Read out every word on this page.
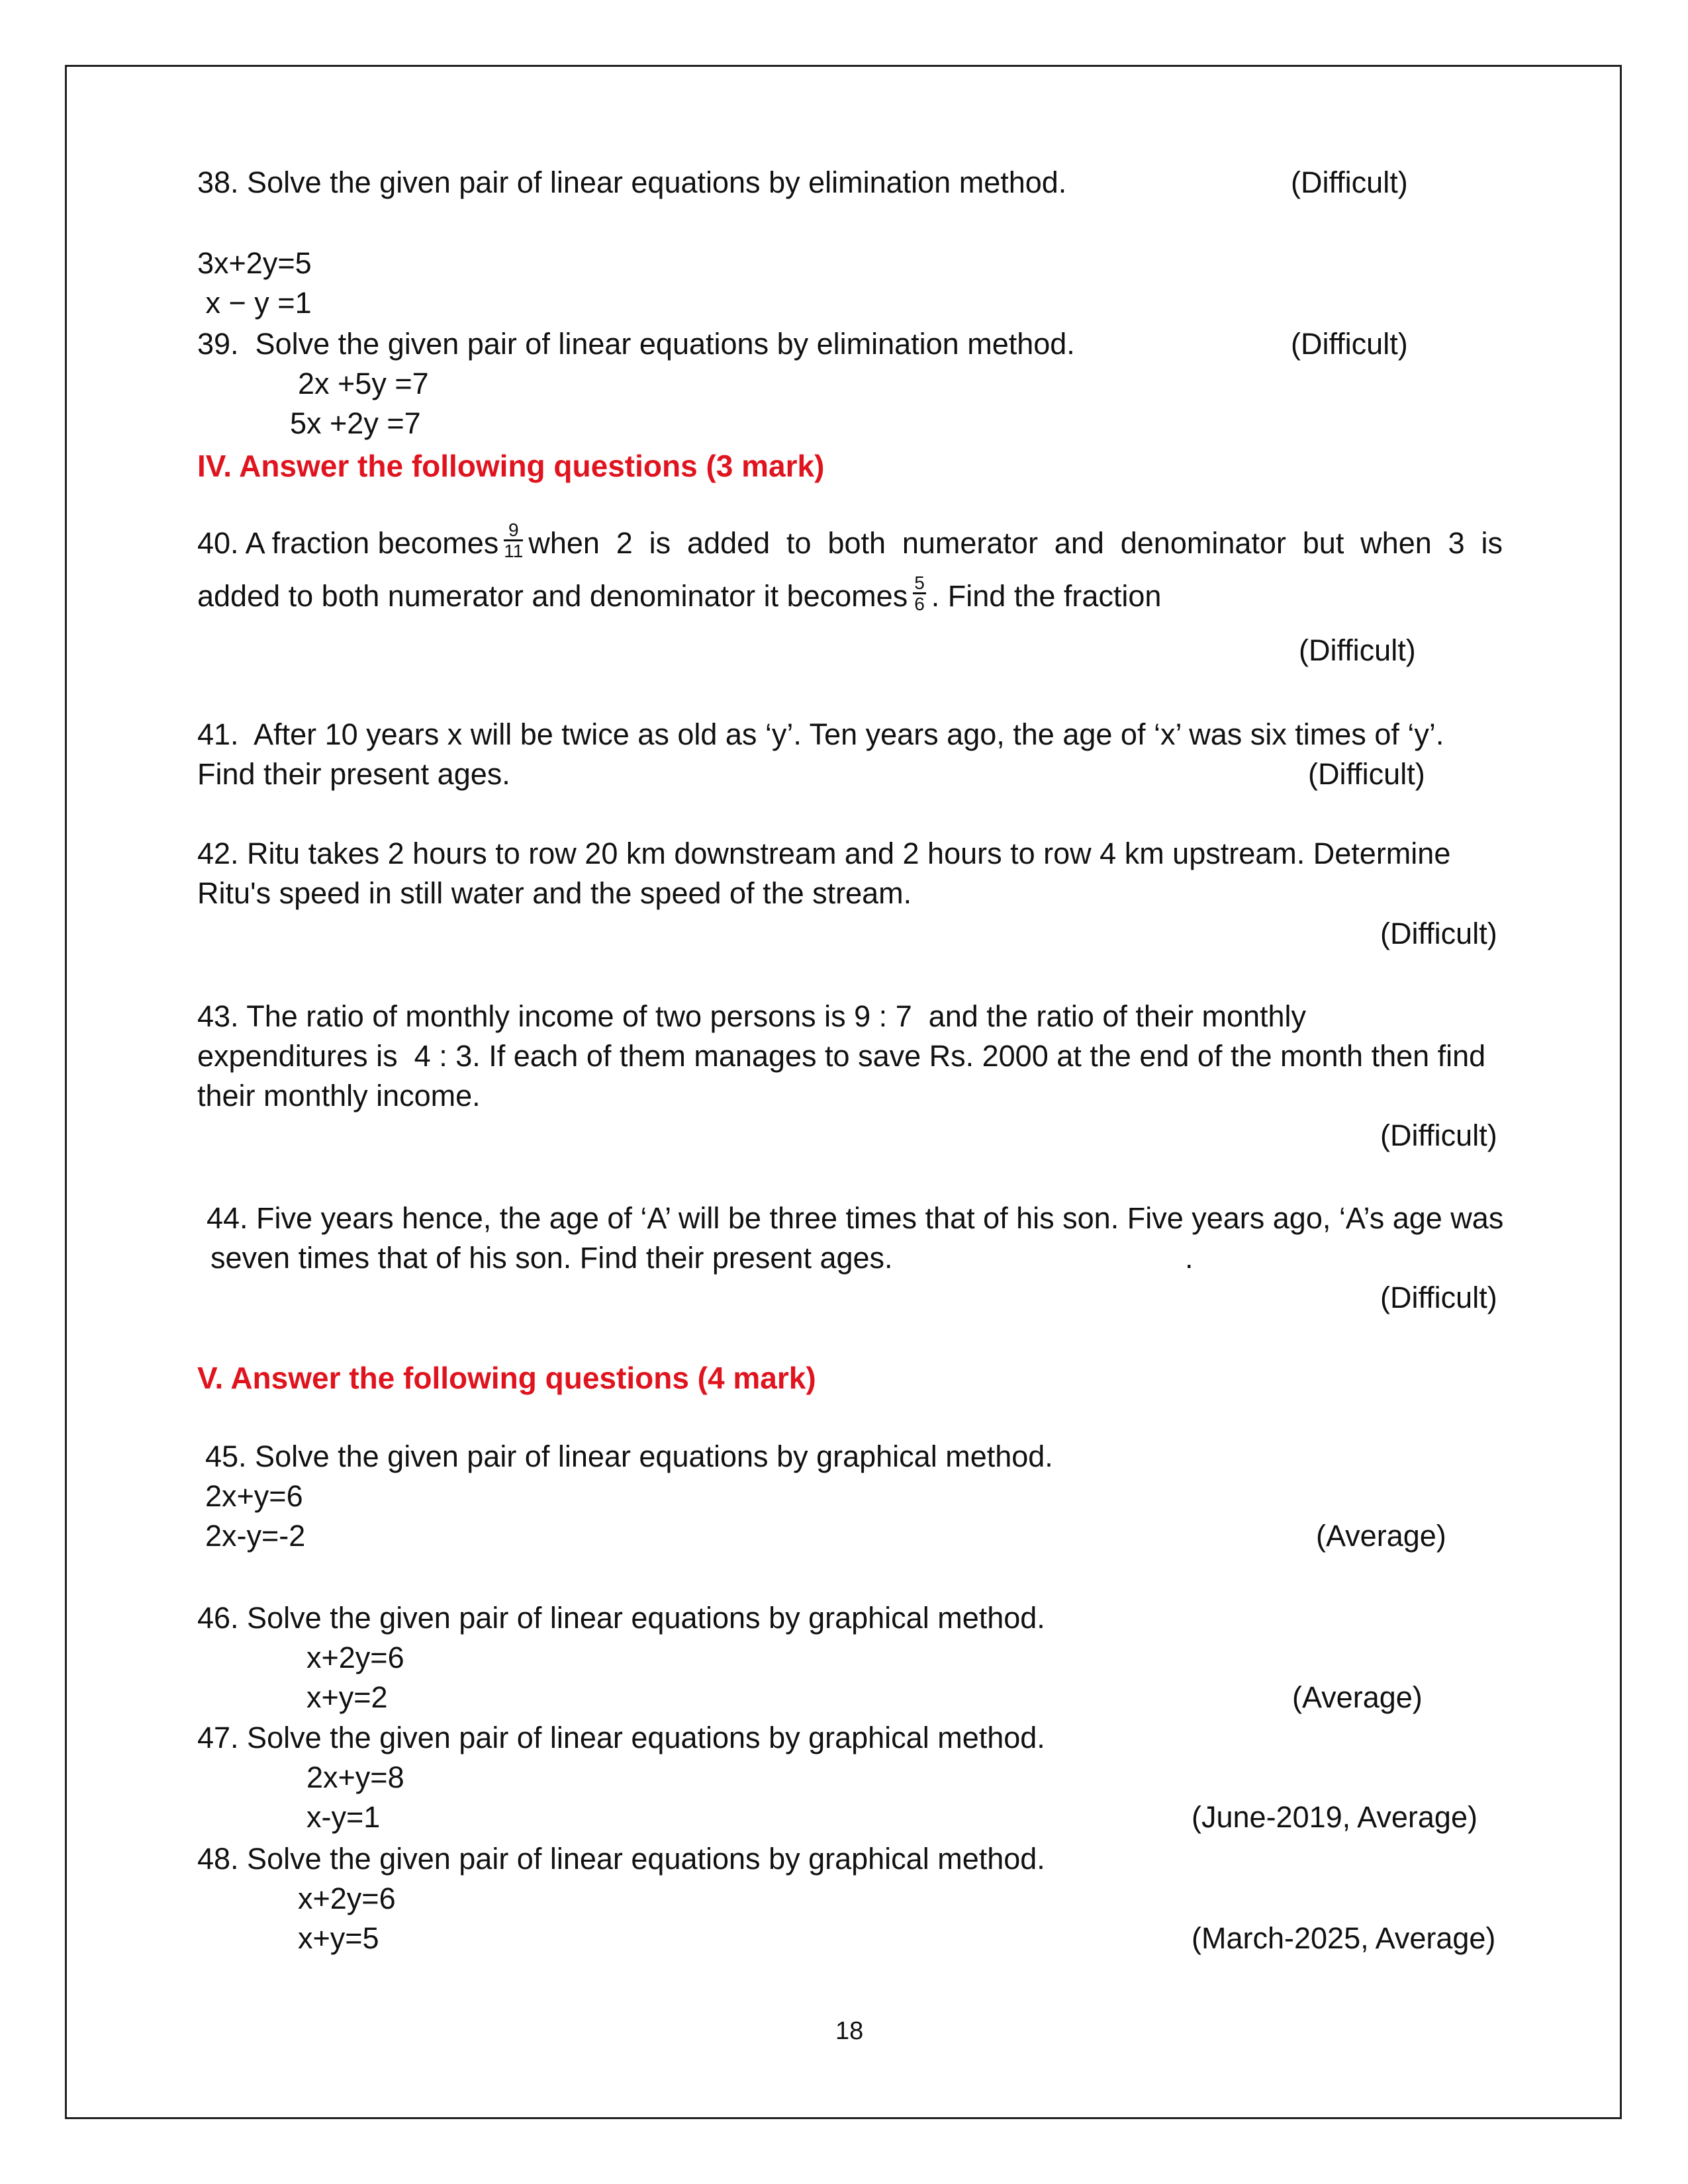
38. Solve the given pair of linear equations by elimination method.	(Difficult)
3x+2y=5
x − y =1
39.  Solve the given pair of linear equations by elimination method.	(Difficult)
2x +5y =7
5x +2y =7
IV. Answer the following questions (3 mark)
40. A fraction becomes $\frac{9}{11}$ when 2 is added to both numerator and denominator but when 3 is
added to both numerator and denominator it becomes $\frac{5}{6}$ . Find the fraction
(Difficult)
41.  After 10 years x will be twice as old as ‘y’. Ten years ago, the age of ‘x’ was six times of ‘y’.
Find their present ages.	(Difficult)
42. Ritu takes 2 hours to row 20 km downstream and 2 hours to row 4 km upstream. Determine
Ritu's speed in still water and the speed of the stream.
(Difficult)
43. The ratio of monthly income of two persons is 9 : 7  and the ratio of their monthly
expenditures is  4 : 3. If each of them manages to save Rs. 2000 at the end of the month then find
their monthly income.
(Difficult)
44. Five years hence, the age of ‘A’ will be three times that of his son. Five years ago, ‘A’s age was
seven times that of his son. Find their present ages.	.
(Difficult)
V. Answer the following questions (4 mark)
45. Solve the given pair of linear equations by graphical method.
2x+y=6
2x-y=-2	(Average)
46. Solve the given pair of linear equations by graphical method.
x+2y=6
x+y=2	(Average)
47. Solve the given pair of linear equations by graphical method.
2x+y=8
x-y=1	(June-2019, Average)
48. Solve the given pair of linear equations by graphical method.
x+2y=6
x+y=5	(March-2025, Average)
18
